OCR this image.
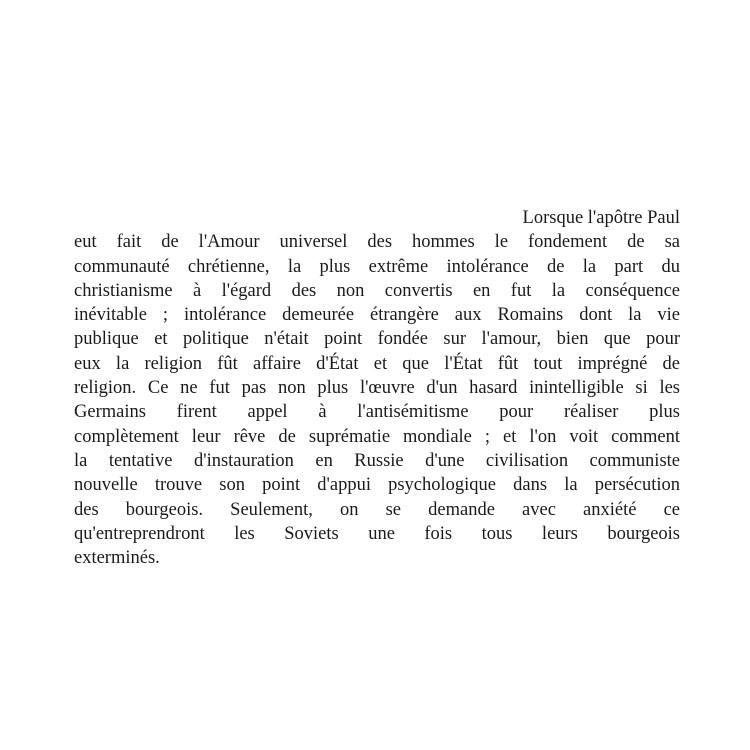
Lorsque l'apôtre Paul
eut fait de l'Amour universel des hommes le fondement de sa
communauté chrétienne, la plus extrême intolérance de la part du
christianisme à l'égard des non convertis en fut la conséquence
inévitable ; intolérance demeurée étrangère aux Romains dont la vie
publique et politique n'était point fondée sur l'amour, bien que pour
eux la religion fût affaire d'État et que l'État fût tout imprégné de
religion. Ce ne fut pas non plus l'œuvre d'un hasard inintelligible si les
Germains firent appel à l'antisémitisme pour réaliser plus
complètement leur rêve de suprématie mondiale ; et l'on voit comment
la tentative d'instauration en Russie d'une civilisation communiste
nouvelle trouve son point d'appui psychologique dans la persécution
des bourgeois. Seulement, on se demande avec anxiété ce
qu'entreprendront les Soviets une fois tous leurs bourgeois
exterminés.
